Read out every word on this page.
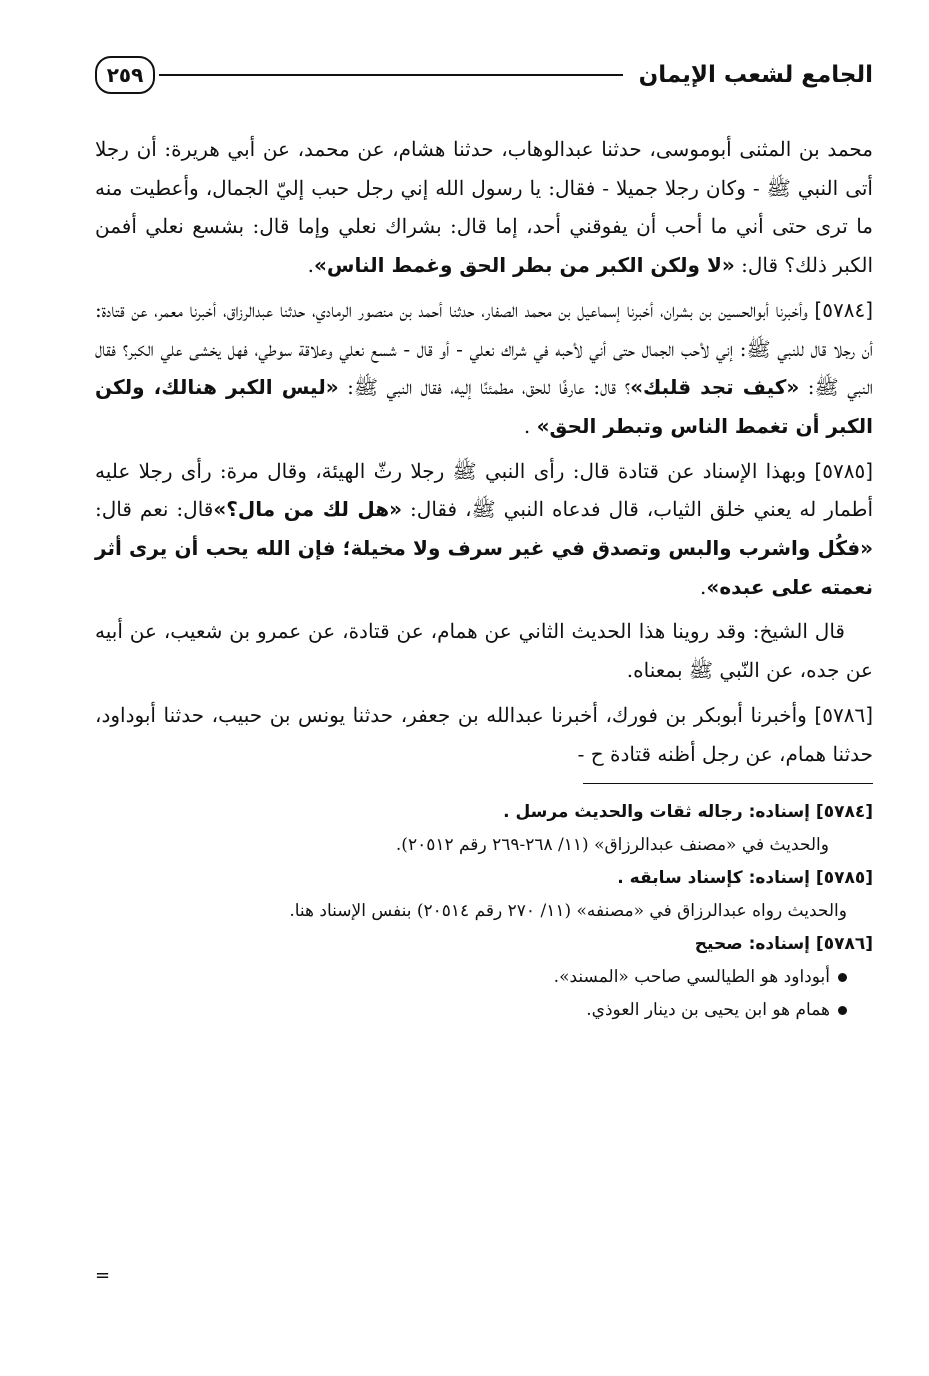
الجامع لشعب الإيمان
٢٥٩

محمد بن المثنى أبوموسى، حدثنا عبدالوهاب، حدثنا هشام، عن محمد، عن أبي هريرة: أن رجلا أتى النبي ﷺ - وكان رجلا جميلا - فقال: يا رسول الله إني رجل حبب إليّ الجمال، وأعطيت منه ما ترى حتى أني ما أحب أن يفوقني أحد، إما قال: بشراك نعلي وإما قال: بشسع نعلي أفمن الكبر ذلك؟ قال: «لا ولكن الكبر من بطر الحق وغمط الناس».

[٥٧٨٤] وأخبرنا أبوالحسين بن بشران، أخبرنا إسماعيل بن محمد الصفار، حدثنا أحمد بن منصور الرمادي، حدثنا عبدالرزاق، أخبرنا معمر، عن قتادة: أن رجلا قال للنبي ﷺ: إني لأحب الجمال حتى أني لأحبه في شراك نعلي - أو قال - شسع نعلي وعلاقة سوطي، فهل يخشى علي الكبر؟ فقال النبي ﷺ: «كيف تجد قلبك»؟ قال: عارفًا للحق، مطمئنًا إليه، فقال النبي ﷺ: «ليس الكبر هنالك، ولكن الكبر أن تغمط الناس وتبطر الحق» .

[٥٧٨٥] وبهذا الإسناد عن قتادة قال: رأى النبي ﷺ رجلا رثّ الهيئة، وقال مرة: رأى رجلا عليه أطمار له يعني خلق الثياب، قال فدعاه النبي ﷺ، فقال: «هل لك من مال؟»قال: نعم قال: «فكُل واشرب والبس وتصدق في غير سرف ولا مخيلة؛ فإن الله يحب أن يرى أثر نعمته على عبده».

قال الشيخ: وقد روينا هذا الحديث الثاني عن همام، عن قتادة، عن عمرو بن شعيب، عن أبيه عن جده، عن النّبي ﷺ بمعناه.

[٥٧٨٦] وأخبرنا أبوبكر بن فورك، أخبرنا عبدالله بن جعفر، حدثنا يونس بن حبيب، حدثنا أبوداود، حدثنا همام، عن رجل أظنه قتادة ح -

[٥٧٨٤] إسناده: رجاله ثقات والحديث مرسل .

والحديث في «مصنف عبدالرزاق» (١١/ ٢٦٨-٢٦٩ رقم ٢٠٥١٢).

[٥٧٨٥] إسناده: كإسناد سابقه .

والحديث رواه عبدالرزاق في «مصنفه» (١١/ ٢٧٠ رقم ٢٠٥١٤) بنفس الإسناد هنا.

[٥٧٨٦] إسناده: صحيح

أبوداود هو الطيالسي صاحب «المسند».

همام هو ابن يحيى بن دينار العوذي.

=
